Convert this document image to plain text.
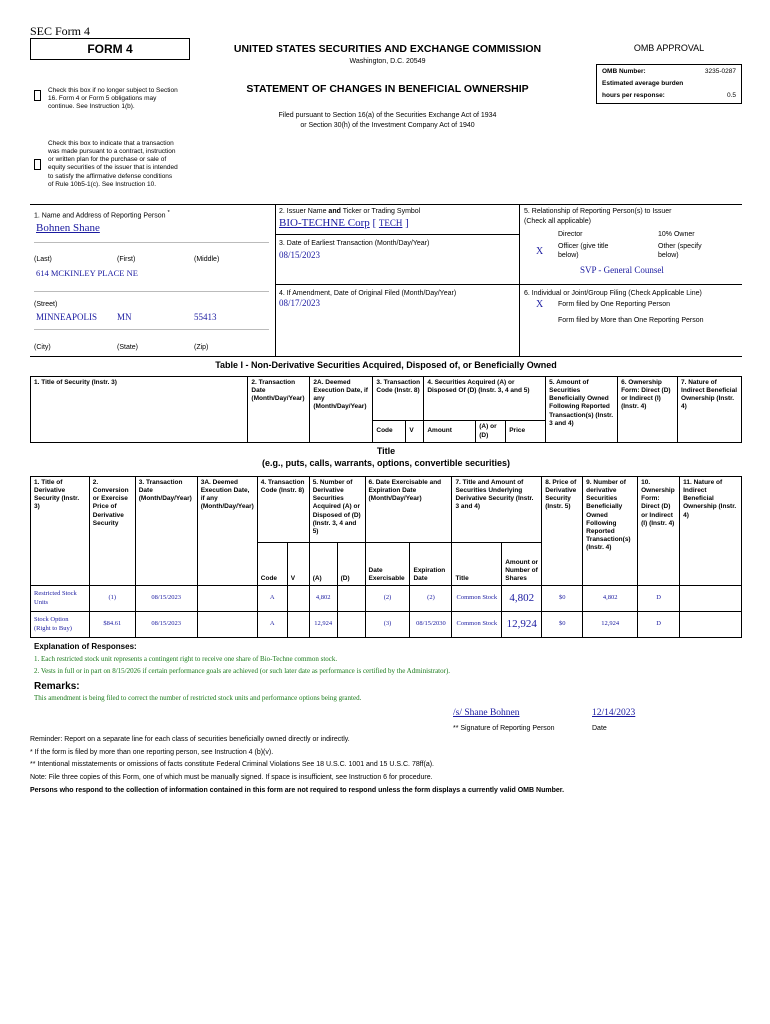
SEC Form 4
FORM 4	UNITED STATES SECURITIES AND EXCHANGE COMMISSION
Washington, D.C. 20549
STATEMENT OF CHANGES IN BENEFICIAL OWNERSHIP
Filed pursuant to Section 16(a) of the Securities Exchange Act of 1934
or Section 30(h) of the Investment Company Act of 1940
Check this box if no longer subject to Section 16. Form 4 or Form 5 obligations may continue. See Instruction 1(b).
Check this box to indicate that a transaction was made pursuant to a contract, instruction or written plan for the purchase or sale of equity securities of the issuer that is intended to satisfy the affirmative defense conditions of Rule 10b5-1(c). See Instruction 10.
OMB APPROVAL
OMB Number:	3235-0287
Estimated average burden
hours per response:	0.5
1. Name and Address of Reporting Person *
Bohnen Shane
(Last)	(First)	(Middle)
614 MCKINLEY PLACE NE
(Street)
MINNEAPOLIS MN	55413
(City)	(State)	(Zip)
2. Issuer Name and Ticker or Trading Symbol
BIO-TECHNE Corp [ TECH ]
3. Date of Earliest Transaction (Month/Day/Year)
08/15/2023
4. If Amendment, Date of Original Filed (Month/Day/Year)
08/17/2023
5. Relationship of Reporting Person(s) to Issuer
(Check all applicable)
Director	10% Owner
X Officer (give title below)
Other (specify below)
SVP - General Counsel
6. Individual or Joint/Group Filing (Check Applicable Line)
X Form filed by One Reporting Person
Form filed by More than One Reporting Person
Table I - Non-Derivative Securities Acquired, Disposed of, or Beneficially Owned
1. Title of Security (Instr. 3)	2. Transaction Date (Month/Day/Year)	2A. Deemed Execution Date, if any (Month/Day/Year)	3. Transaction Code (Instr. 8)		4. Securities Acquired (A) or Disposed Of (D) (Instr. 3, 4 and 5)			5. Amount of Securities Beneficially Owned Following Reported Transaction(s) (Instr. 3 and 4)	6. Ownership Form: Direct (D) or Indirect (I) (Instr. 4)	7. Nature of Indirect Beneficial Ownership (Instr. 4)
			Code	V	Amount	(A) or (D)	Price			
Title
(e.g., puts, calls, warrants, options, convertible securities)
1. Title of Derivative Security (Instr. 3)	2. Conversion or Exercise Price of Derivative Security	3. Transaction Date (Month/Day/Year)	3A. Deemed Execution Date, if any (Month/Day/Year)	4. Transaction Code (Instr. 8)		5. Number of Derivative Securities Acquired (A) or Disposed of (D) (Instr. 3, 4 and 5)		6. Date Exercisable and Expiration Date (Month/Day/Year)		7. Title and Amount of Securities Underlying Derivative Security (Instr. 3 and 4)		8. Price of Derivative Security (Instr. 5)	9. Number of derivative Securities Beneficially Owned Following Reported Transaction(s) (Instr. 4)	10. Ownership Form: Direct (D) or Indirect (I) (Instr. 4)	11. Nature of Indirect Beneficial Ownership (Instr. 4)
				Code	V	(A)	(D)	Date Exercisable	Expiration Date	Title	Amount or Number of Shares				
Restricted Stock Units	(1)	08/15/2023		A		4,802		(2)	(2)	Common Stock	4,802	$0	4,802	D	
Stock Option (Right to Buy)	$84.61	08/15/2023		A		12,924		(3)	08/15/2030	Common Stock	12,924	$0	12,924	D	
Explanation of Responses:
1. Each restricted stock unit represents a contingent right to receive one share of Bio-Techne common stock.
2. Vests in full or in part on 8/15/2026 if certain performance goals are achieved (or such later date as performance is certified by the Administrator).
Remarks:
This amendment is being filed to correct the number of restricted stock units and performance options being granted.
/s/ Shane Bohnen	12/14/2023
** Signature of Reporting Person	Date
Reminder: Report on a separate line for each class of securities beneficially owned directly or indirectly.
* If the form is filed by more than one reporting person, see Instruction 4 (b)(v).
** Intentional misstatements or omissions of facts constitute Federal Criminal Violations See 18 U.S.C. 1001 and 15 U.S.C. 78ff(a).
Note: File three copies of this Form, one of which must be manually signed. If space is insufficient, see Instruction 6 for procedure.
Persons who respond to the collection of information contained in this form are not required to respond unless the form displays a currently valid OMB Number.
